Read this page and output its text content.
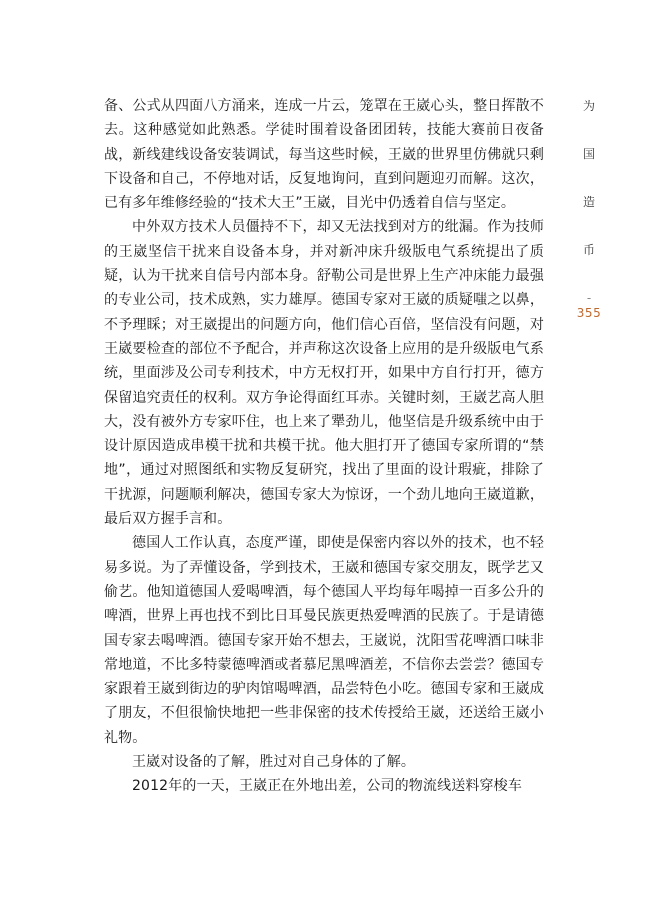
备、公式从四面八方涌来，连成一片云，笼罩在王崴心头，整日挥散不去。这种感觉如此熟悉。学徒时围着设备团团转，技能大赛前日夜备战，新线建线设备安装调试，每当这些时候，王崴的世界里仿佛就只剩下设备和自己，不停地对话，反复地询问，直到问题迎刃而解。这次，已有多年维修经验的“技术大王”王崴，目光中仍透着自信与坚定。

中外双方技术人员僵持不下，却又无法找到对方的纰漏。作为技师的王崴坚信干扰来自设备本身，并对新冲床升级版电气系统提出了质疑，认为干扰来自信号内部本身。舒勒公司是世界上生产冲床能力最强的专业公司，技术成熟，实力雄厚。德国专家对王崴的质疑嗤之以鼻，不予理睬；对王崴提出的问题方向，他们信心百倍，坚信没有问题，对王崴要检查的部位不予配合，并声称这次设备上应用的是升级版电气系统，里面涉及公司专利技术，中方无权打开，如果中方自行打开，德方保留追究责任的权利。双方争论得面红耳赤。关键时刻，王崴艺高人胆大，没有被外方专家吓住，也上来了犟劲儿，他坚信是升级系统中由于设计原因造成串模干扰和共模干扰。他大胆打开了德国专家所谓的“禁地”，通过对照图纸和实物反复研究，找出了里面的设计瑕疵，排除了干扰源，问题顺利解决，德国专家大为惊讶，一个劲儿地向王崴道歉，最后双方握手言和。

德国人工作认真，态度严谨，即使是保密内容以外的技术，也不轻易多说。为了弄懂设备，学到技术，王崴和德国专家交朋友，既学艺又偷艺。他知道德国人爱喝啤酒，每个德国人平均每年喝掉一百多公升的啤酒，世界上再也找不到比日耳曼民族更热爱啤酒的民族了。于是请德国专家去喝啤酒。德国专家开始不想去，王崴说，沈阳雪花啤酒口味非常地道，不比多特蒙德啤酒或者慕尼黑啤酒差，不信你去尝尝？德国专家跟着王崴到街边的驴肉馆喝啤酒，品尝特色小吃。德国专家和王崴成了朋友，不但很愉快地把一些非保密的技术传授给王崴，还送给王崴小礼物。

王崴对设备的了解，胜过对自己身体的了解。

2012年的一天，王崴正在外地出差，公司的物流线送料穿梭车

为
国
造
币
-
355
